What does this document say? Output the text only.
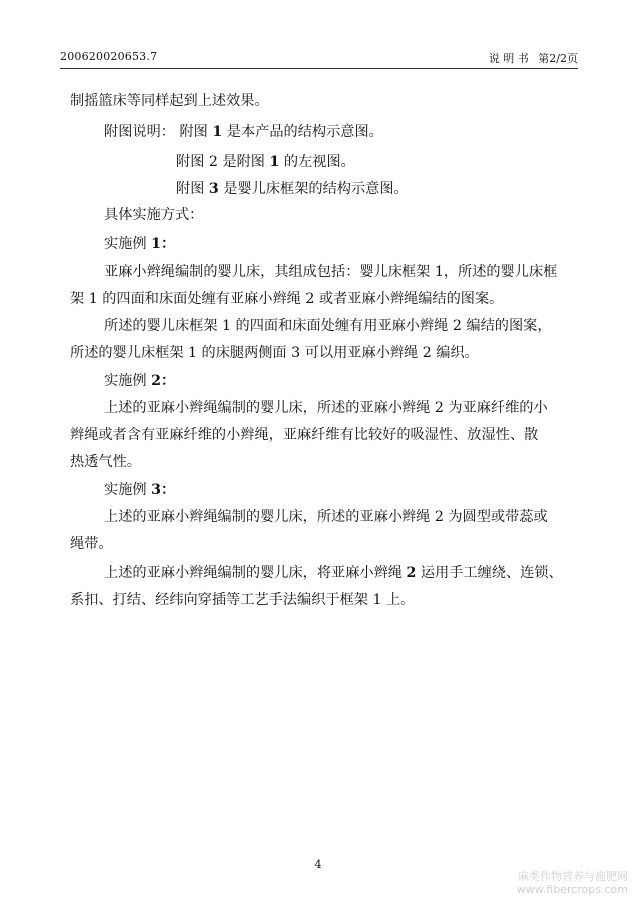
200620020653.7	说 明 书 第2/2页
制摇篮床等同样起到上述效果。
附图说明： 附图 1 是本产品的结构示意图。
附图 2 是附图 1 的左视图。
附图 3 是婴儿床框架的结构示意图。
具体实施方式：
实施例 1：
亚麻小辫绳编制的婴儿床，其组成包括：婴儿床框架 1，所述的婴儿床框
架 1 的四面和床面处缠有亚麻小辫绳 2 或者亚麻小辫绳编结的图案。
所述的婴儿床框架 1 的四面和床面处缠有用亚麻小辫绳 2 编结的图案，
所述的婴儿床框架 1 的床腿两侧面 3 可以用亚麻小辫绳 2 编织。
实施例 2：
上述的亚麻小辫绳编制的婴儿床，所述的亚麻小辫绳 2 为亚麻纤维的小
辫绳或者含有亚麻纤维的小辫绳，亚麻纤维有比较好的吸湿性、放湿性、散
热透气性。
实施例 3：
上述的亚麻小辫绳编制的婴儿床，所述的亚麻小辫绳 2 为圆型或带蕊或
绳带。
上述的亚麻小辫绳编制的婴儿床，将亚麻小辫绳 2 运用手工缠绕、连锁、
系扣、打结、经纬向穿插等工艺手法编织于框架 1 上。
4
麻类作物营养与施肥网
www.fibercrops.com
